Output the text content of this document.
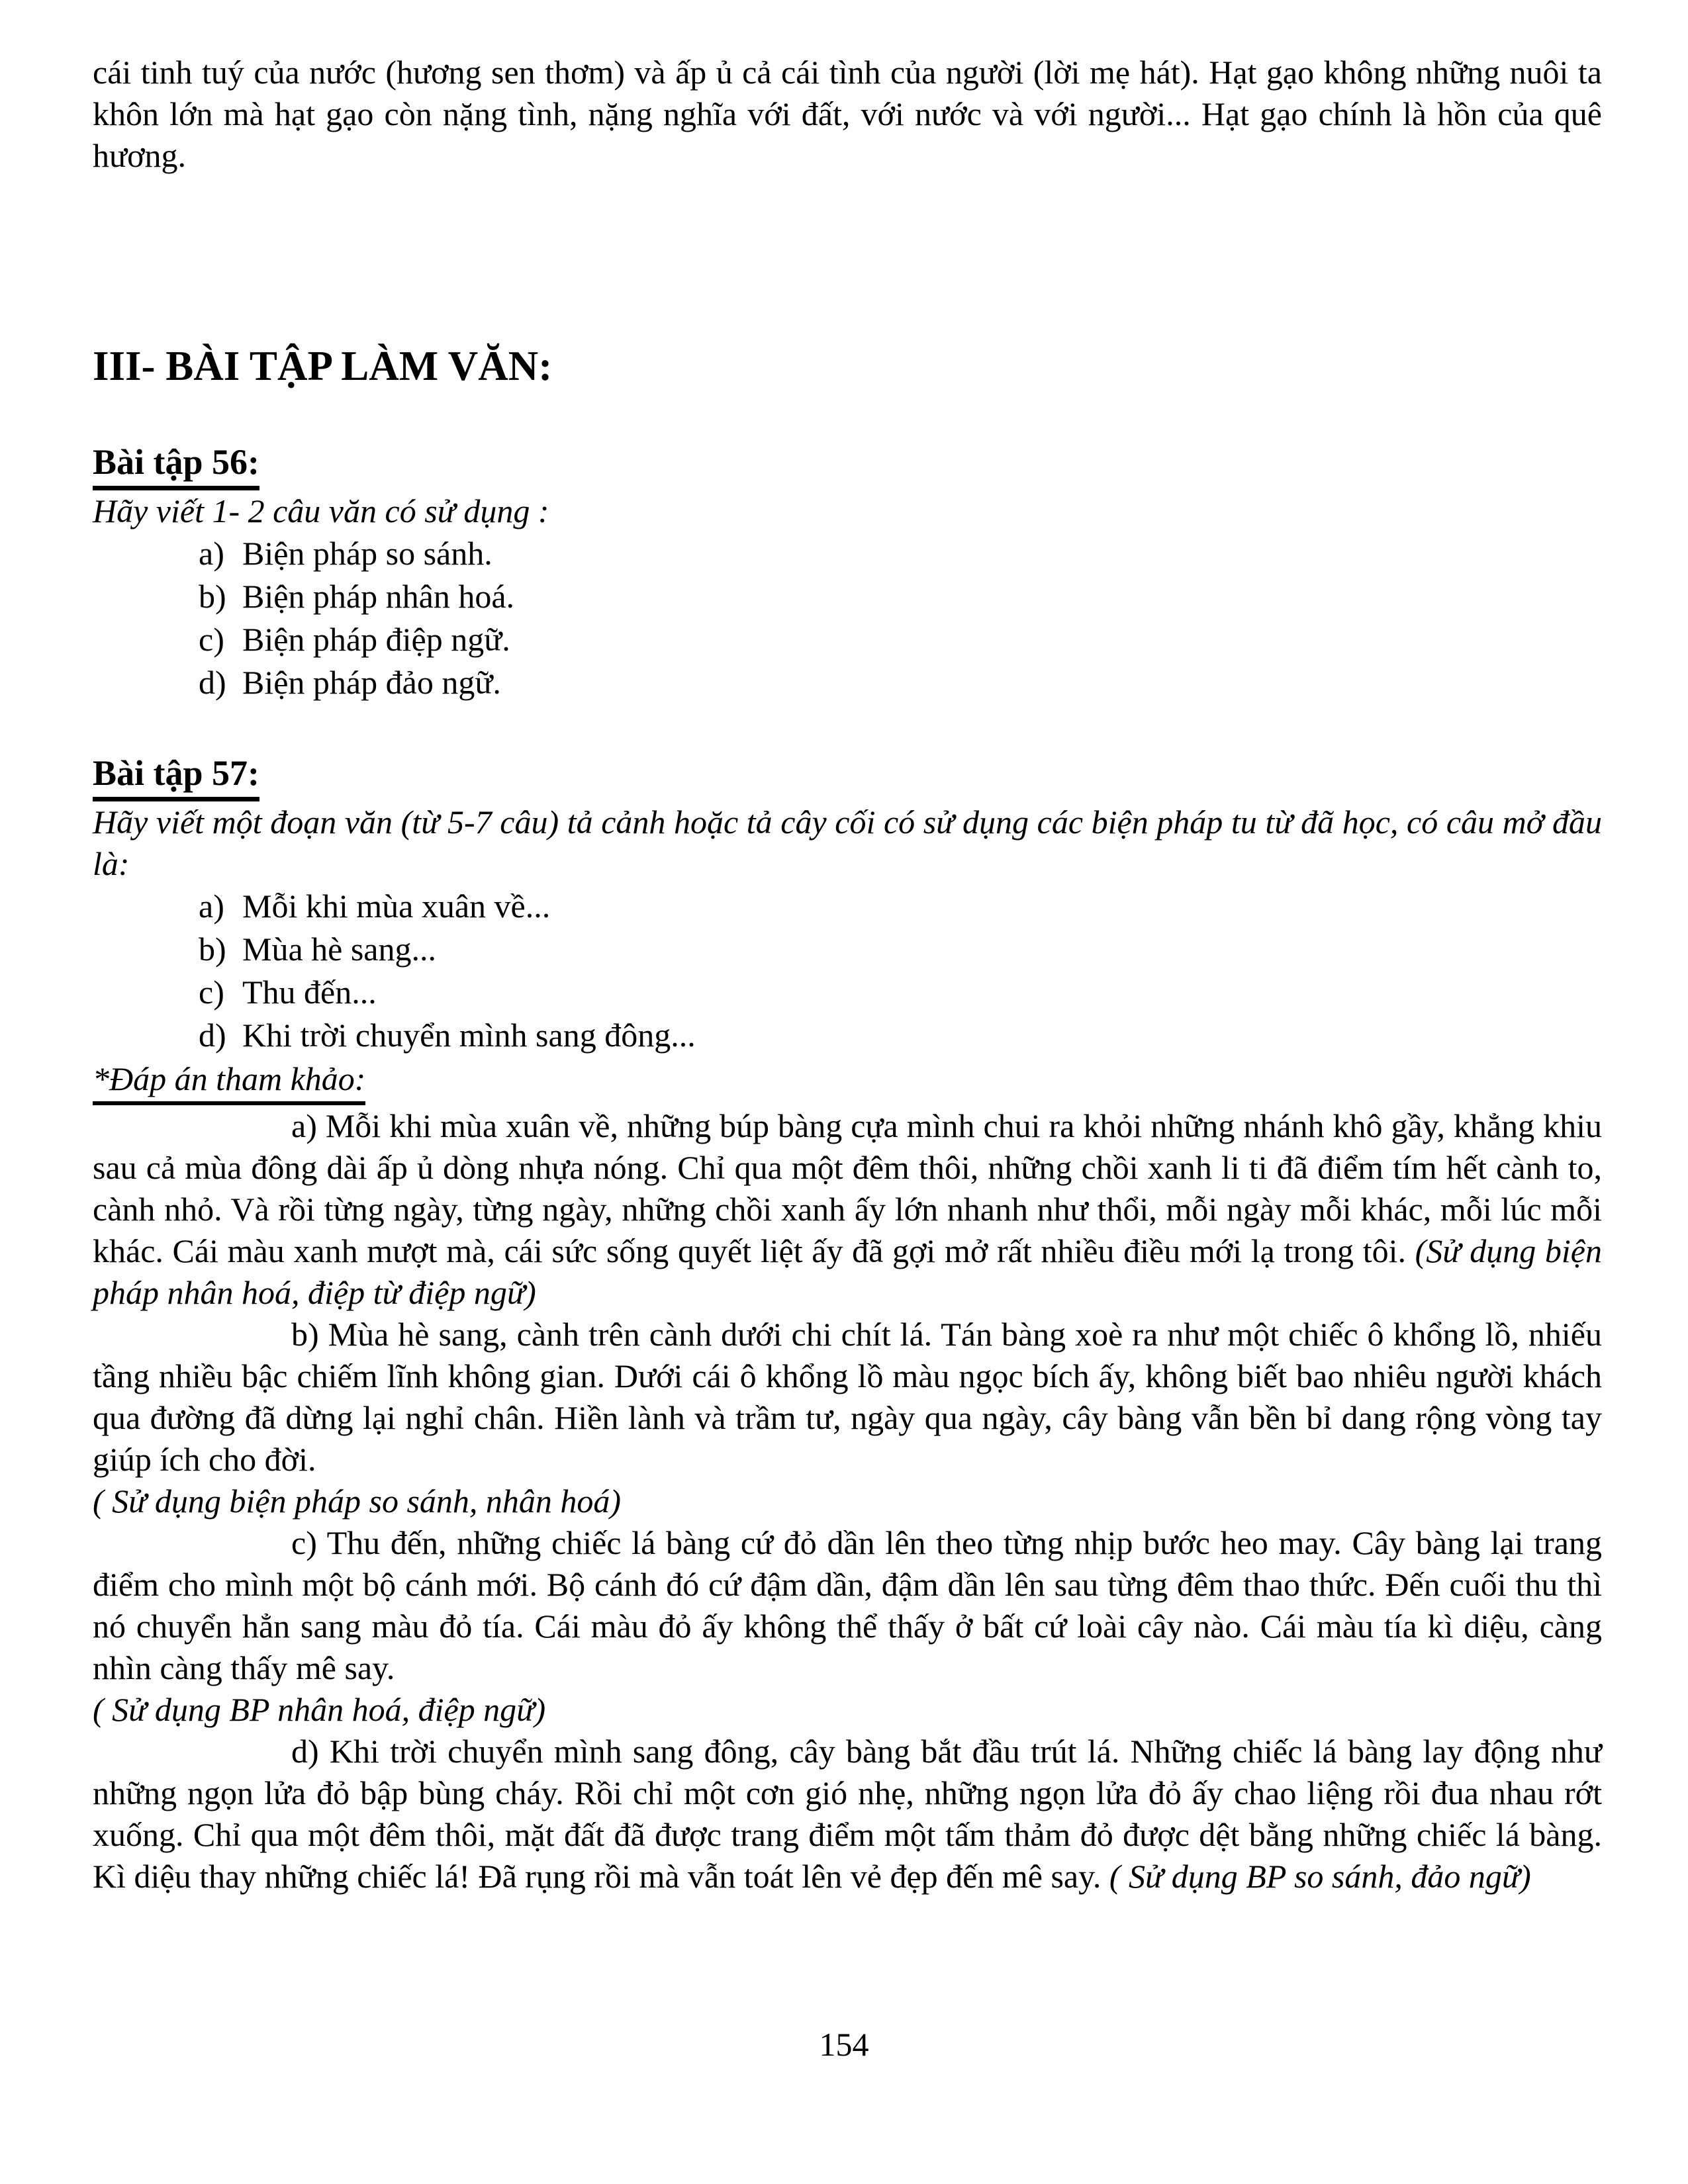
cái tinh tuý của nước (hương sen thơm) và ấp ủ cả cái tình của người (lời mẹ hát). Hạt gạo không những nuôi ta khôn lớn mà hạt gạo còn nặng tình, nặng nghĩa với đất, với nước và với người... Hạt gạo chính là hồn của quê hương.

III- BÀI TẬP LÀM VĂN:
Bài tập 56:

Hãy viết 1- 2 câu văn có sử dụng :

a) Biện pháp so sánh.
b) Biện pháp nhân hoá.
c) Biện pháp điệp ngữ.
d) Biện pháp đảo ngữ.
Bài tập 57:

Hãy viết một đoạn văn (từ 5-7 câu) tả cảnh hoặc tả cây cối có sử dụng các biện pháp tu từ đã học, có câu mở đầu là:

a) Mỗi khi mùa xuân về...
b) Mùa hè sang...
c) Thu đến...
d) Khi trời chuyển mình sang đông...
*Đáp án tham khảo:

a) Mỗi khi mùa xuân về, những búp bàng cựa mình chui ra khỏi những nhánh khô gầy, khẳng khiu sau cả mùa đông dài ấp ủ dòng nhựa nóng. Chỉ qua một đêm thôi, những chồi xanh li ti đã điểm tím hết cành to, cành nhỏ. Và rồi từng ngày, từng ngày, những chồi xanh ấy lớn nhanh như thổi, mỗi ngày mỗi khác, mỗi lúc mỗi khác. Cái màu xanh mượt mà, cái sức sống quyết liệt ấy đã gợi mở rất nhiều điều mới lạ trong tôi. (Sử dụng biện pháp nhân hoá, điệp từ điệp ngữ)

b) Mùa hè sang, cành trên cành dưới chi chít lá. Tán bàng xoè ra như một chiếc ô khổng lồ, nhiếu tầng nhiều bậc chiếm lĩnh không gian. Dưới cái ô khổng lồ màu ngọc bích ấy, không biết bao nhiêu người khách qua đường đã dừng lại nghỉ chân. Hiền lành và trầm tư, ngày qua ngày, cây bàng vẫn bền bỉ dang rộng vòng tay giúp ích cho đời.
( Sử dụng biện pháp so sánh, nhân hoá)

c) Thu đến, những chiếc lá bàng cứ đỏ dần lên theo từng nhịp bước heo may. Cây bàng lại trang điểm cho mình một bộ cánh mới. Bộ cánh đó cứ đậm dần, đậm dần lên sau từng đêm thao thức. Đến cuối thu thì nó chuyển hẳn sang màu đỏ tía. Cái màu đỏ ấy không thể thấy ở bất cứ loài cây nào. Cái màu tía kì diệu, càng nhìn càng thấy mê say.
( Sử dụng BP nhân hoá, điệp ngữ)

d) Khi trời chuyển mình sang đông, cây bàng bắt đầu trút lá. Những chiếc lá bàng lay động như những ngọn lửa đỏ bập bùng cháy. Rồi chỉ một cơn gió nhẹ, những ngọn lửa đỏ ấy chao liệng rồi đua nhau rớt xuống. Chỉ qua một đêm thôi, mặt đất đã được trang điểm một tấm thảm đỏ được dệt bằng những chiếc lá bàng. Kì diệu thay những chiếc lá! Đã rụng rồi mà vẫn toát lên vẻ đẹp đến mê say. ( Sử dụng BP so sánh, đảo ngữ)

154
